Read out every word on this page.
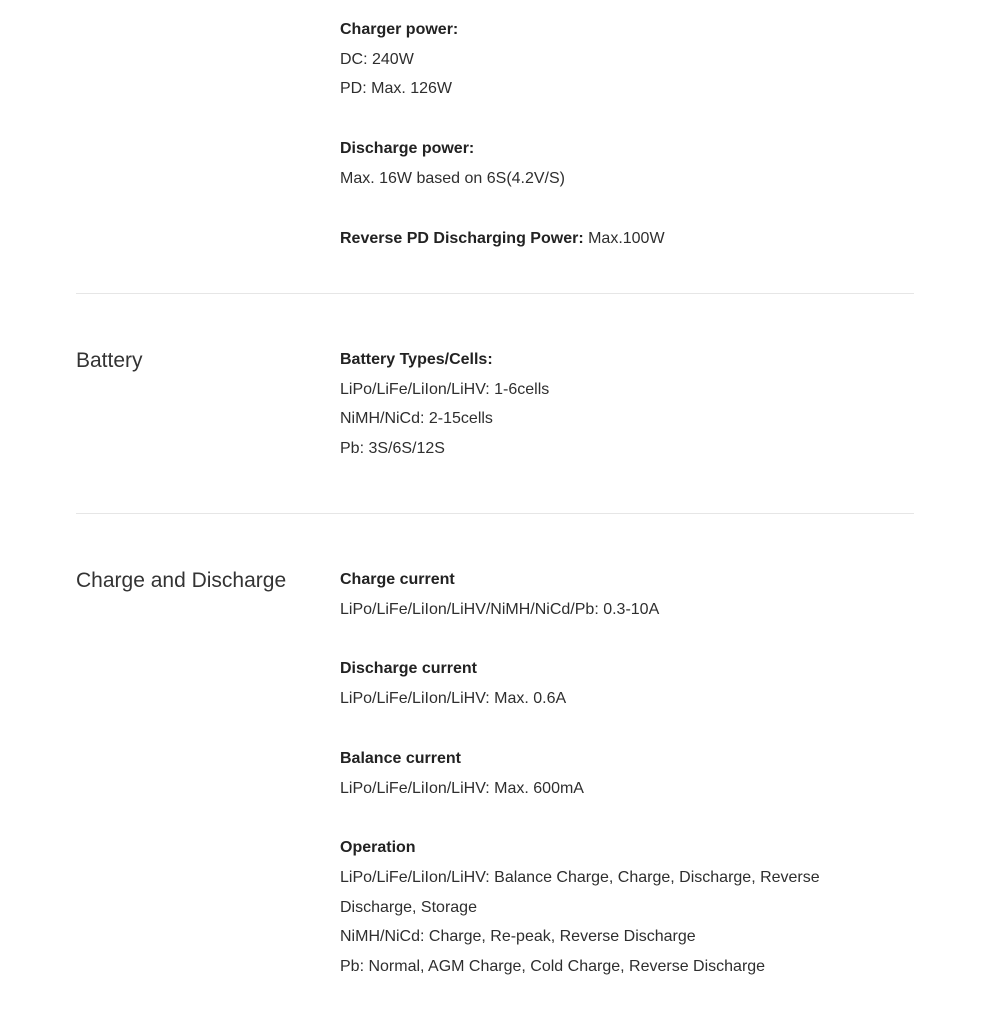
Charger power:

DC: 240W

PD: Max. 126W

Discharge power:

Max. 16W based on 6S(4.2V/S)

Reverse PD Discharging Power: Max.100W

Battery	Battery Types/Cells:

LiPo/LiFe/LiIon/LiHV: 1-6cells

NiMH/NiCd: 2-15cells

Pb: 3S/6S/12S

Charge and Discharge	Charge current

LiPo/LiFe/LiIon/LiHV/NiMH/NiCd/Pb: 0.3-10A

Discharge current

LiPo/LiFe/LiIon/LiHV: Max. 0.6A

Balance current

LiPo/LiFe/LiIon/LiHV: Max. 600mA

Operation

LiPo/LiFe/LiIon/LiHV: Balance Charge, Charge, Discharge, Reverse Discharge, Storage

NiMH/NiCd: Charge, Re-peak, Reverse Discharge

Pb: Normal, AGM Charge, Cold Charge, Reverse Discharge
